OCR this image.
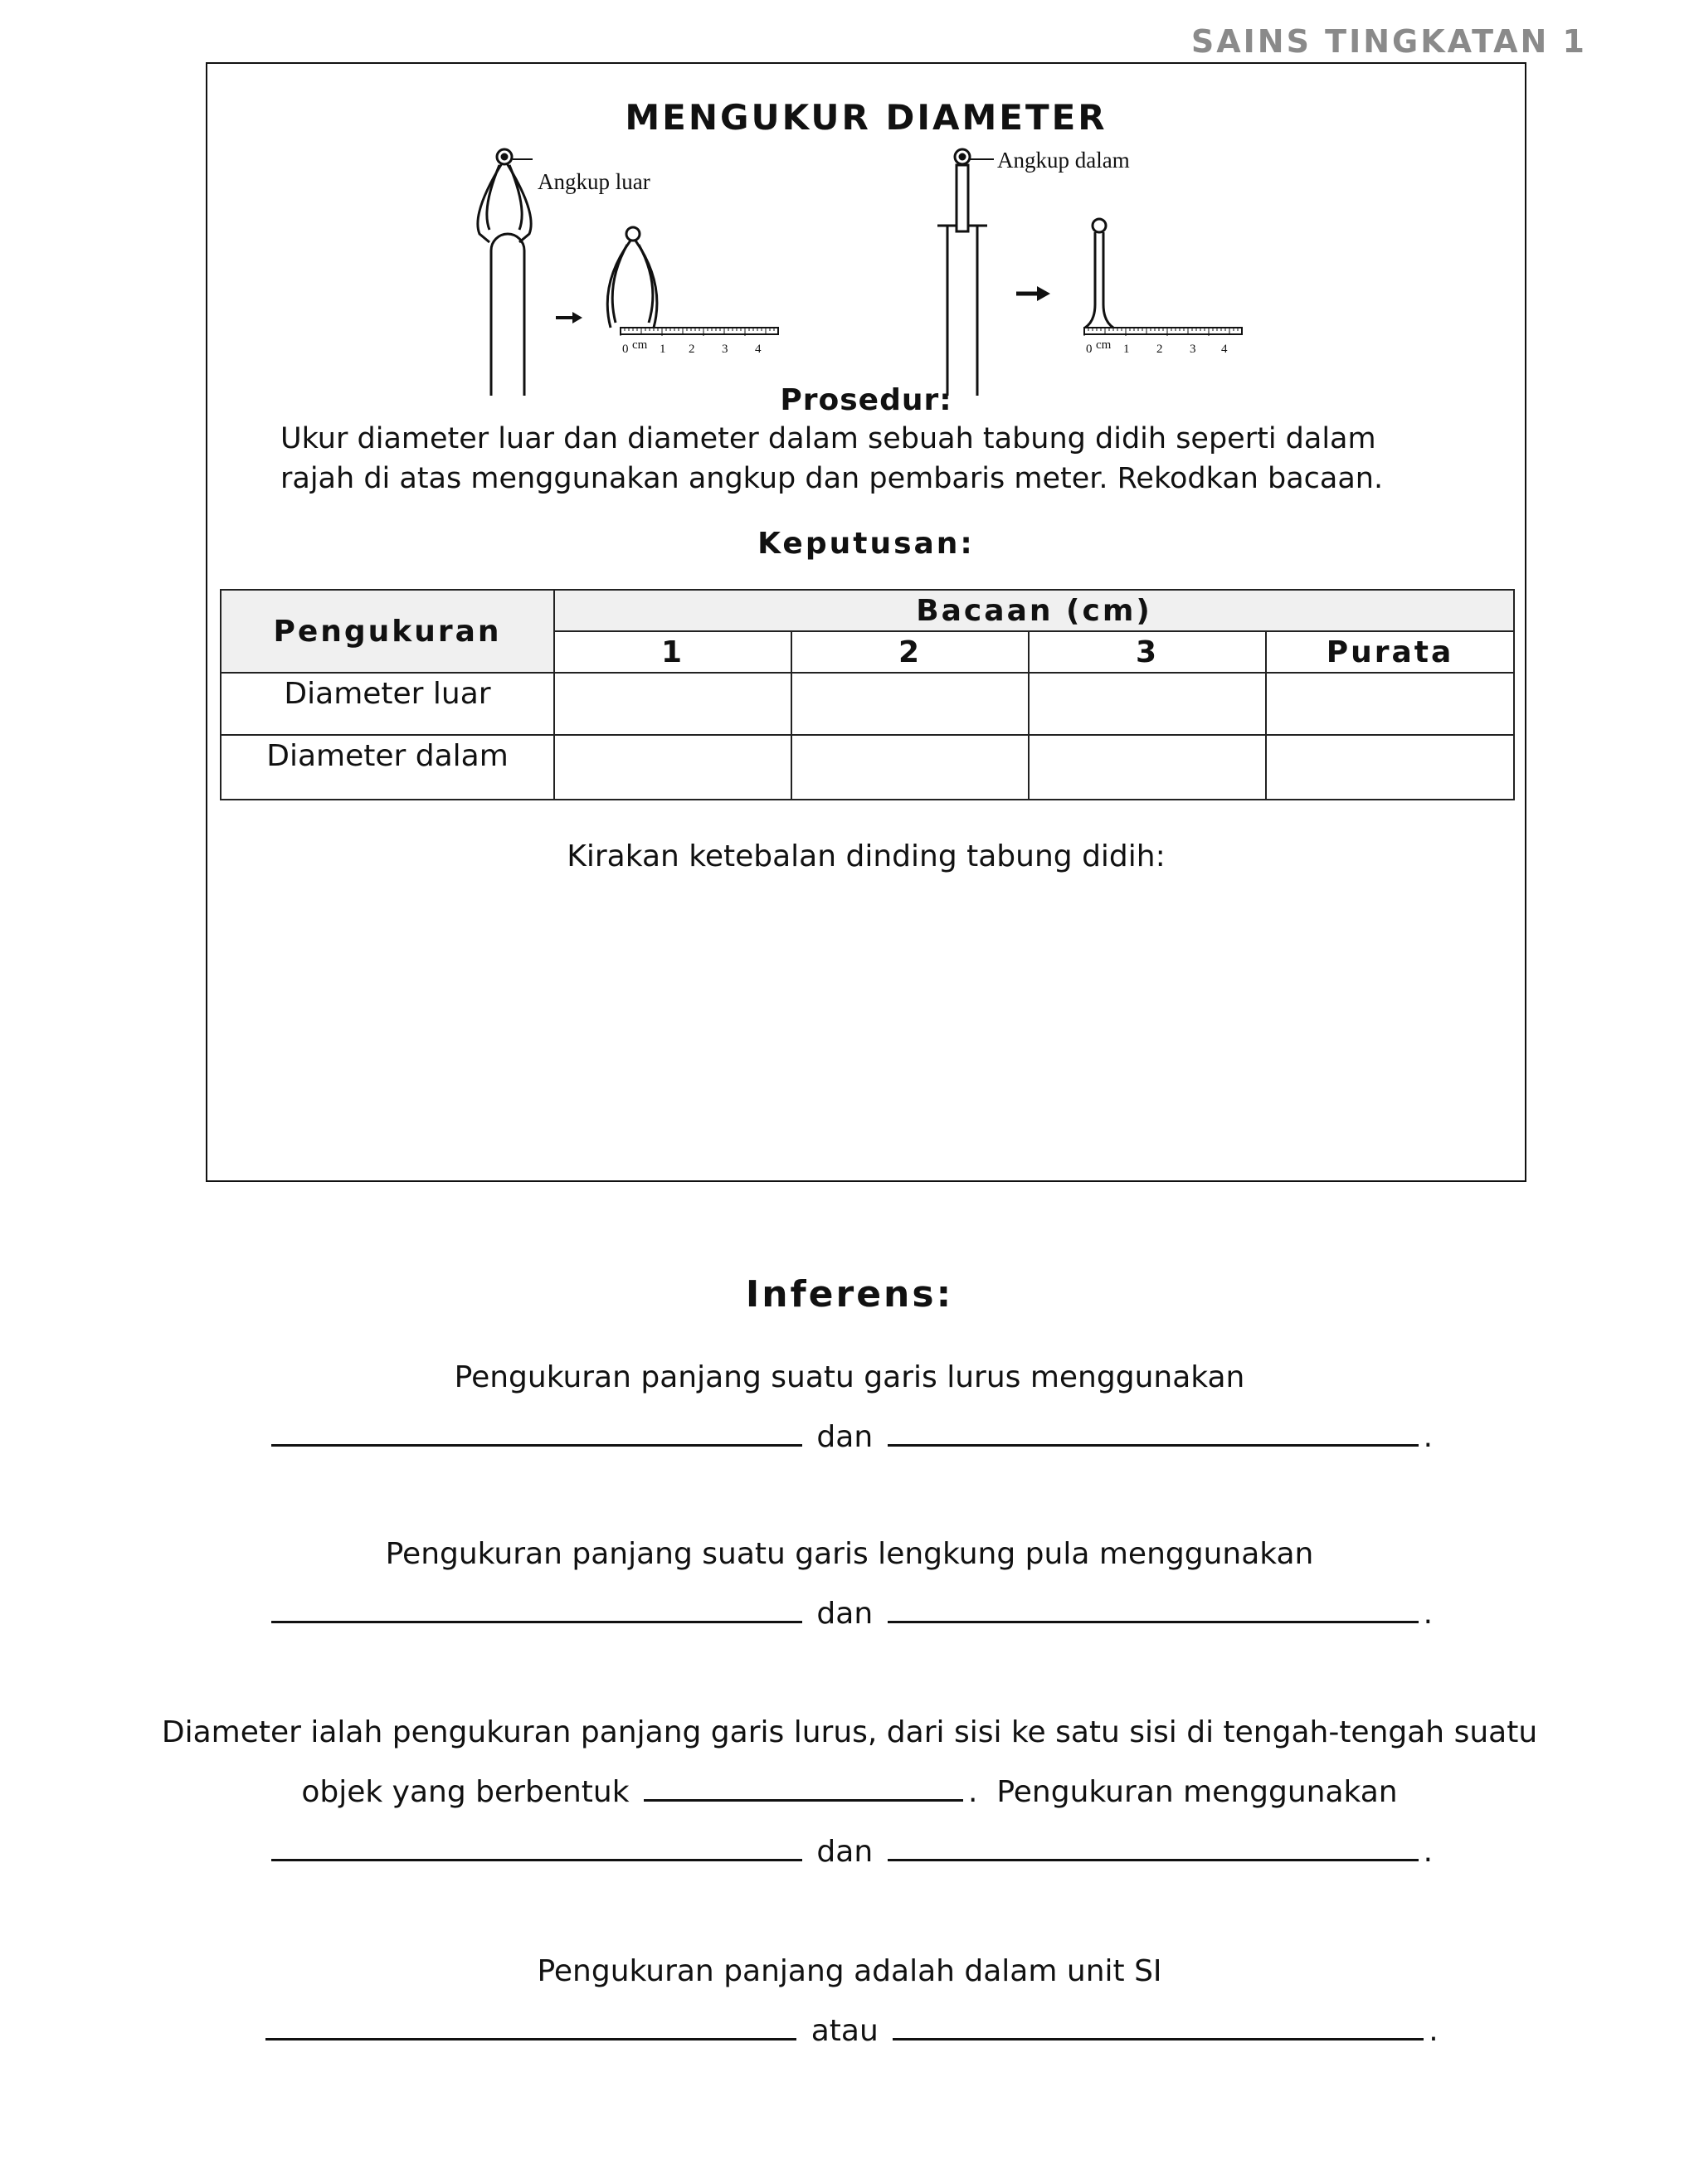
SAINS TINGKATAN 1
MENGUKUR DIAMETER
Angkup luar
Angkup dalam
0 cm 1 2 3 4	0 cm 1 2 3 4
Prosedur:
Ukur diameter luar dan diameter dalam sebuah tabung didih seperti dalam rajah di atas menggunakan angkup dan pembaris meter. Rekodkan bacaan.
Keputusan:
Pengukuran	Bacaan (cm)			
	1	2	3	Purata
Diameter luar				
Diameter dalam				
Kirakan ketebalan dinding tabung didih:
Inferens:
Pengukuran panjang suatu garis lurus menggunakan
dan	.
Pengukuran panjang suatu garis lengkung pula menggunakan
dan	.
Diameter ialah pengukuran panjang garis lurus, dari sisi ke satu sisi di tengah-tengah suatu
objek yang berbentuk	.  Pengukuran menggunakan
dan	.
Pengukuran panjang adalah dalam unit SI
atau	.
